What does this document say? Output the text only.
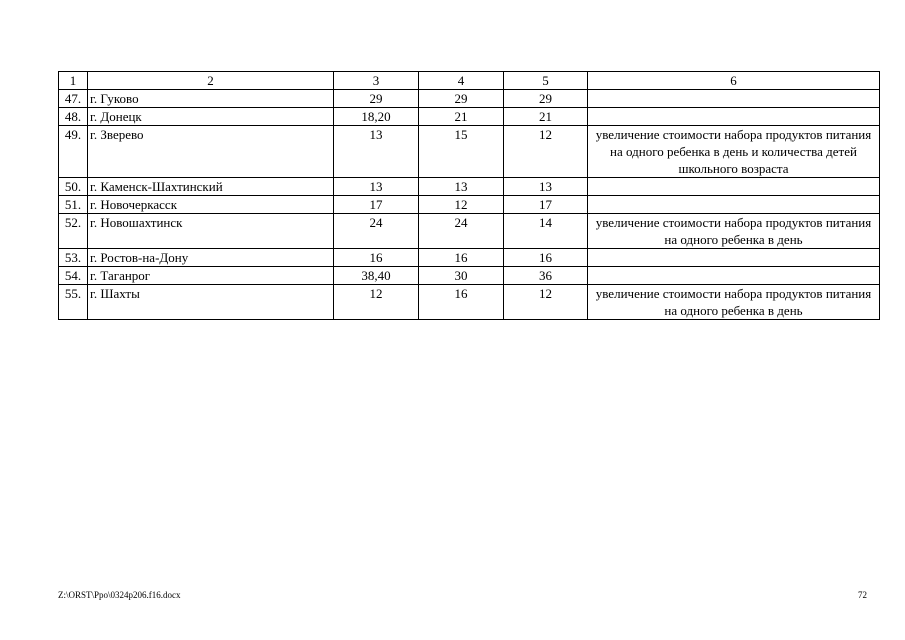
1	2	3	4	5	6
47.	г. Гуково	29	29	29	
48.	г. Донецк	18,20	21	21	
49.	г. Зверево	13	15	12	увеличение стоимости набора продуктов питания на одного ребенка в день и количества детей школьного возраста
50.	г. Каменск-Шахтинский	13	13	13	
51.	г. Новочеркасск	17	12	17	
52.	г. Новошахтинск	24	24	14	увеличение стоимости набора продуктов питания на одного ребенка в день
53.	г. Ростов-на-Дону	16	16	16	
54.	г. Таганрог	38,40	30	36	
55.	г. Шахты	12	16	12	увеличение стоимости набора продуктов питания на одного ребенка в день
Z:\ORST\Ppo\0324p206.f16.docx	72
